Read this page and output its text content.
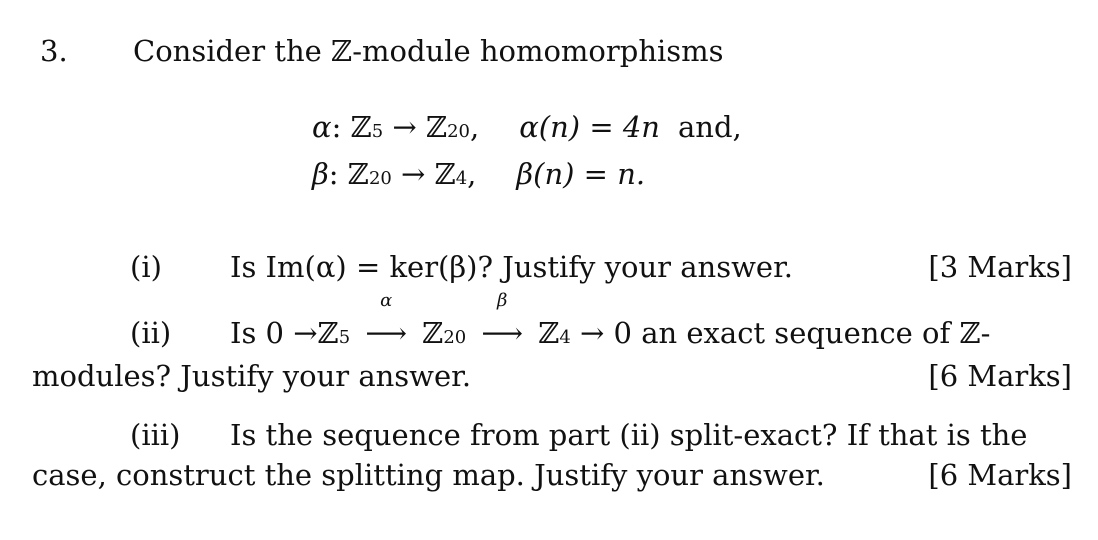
3. Consider the ℤ-module homomorphisms
α : ℤ 5 → ℤ 20 , α(n) = 4n and,
β : ℤ 20 → ℤ 4 , β(n) = n.
(i) Is Im(α) = ker(β)? Justify your answer.	[3 Marks]
(ii) Is 0 → ℤ 5
α
⟶ ℤ 20
β
⟶ ℤ 4
→ 0 an exact sequence of ℤ-
modules? Justify your answer.	[6 Marks]
(iii) Is the sequence from part (ii) split-exact? If that is the
case, construct the splitting map. Justify your answer.	[6 Marks]
